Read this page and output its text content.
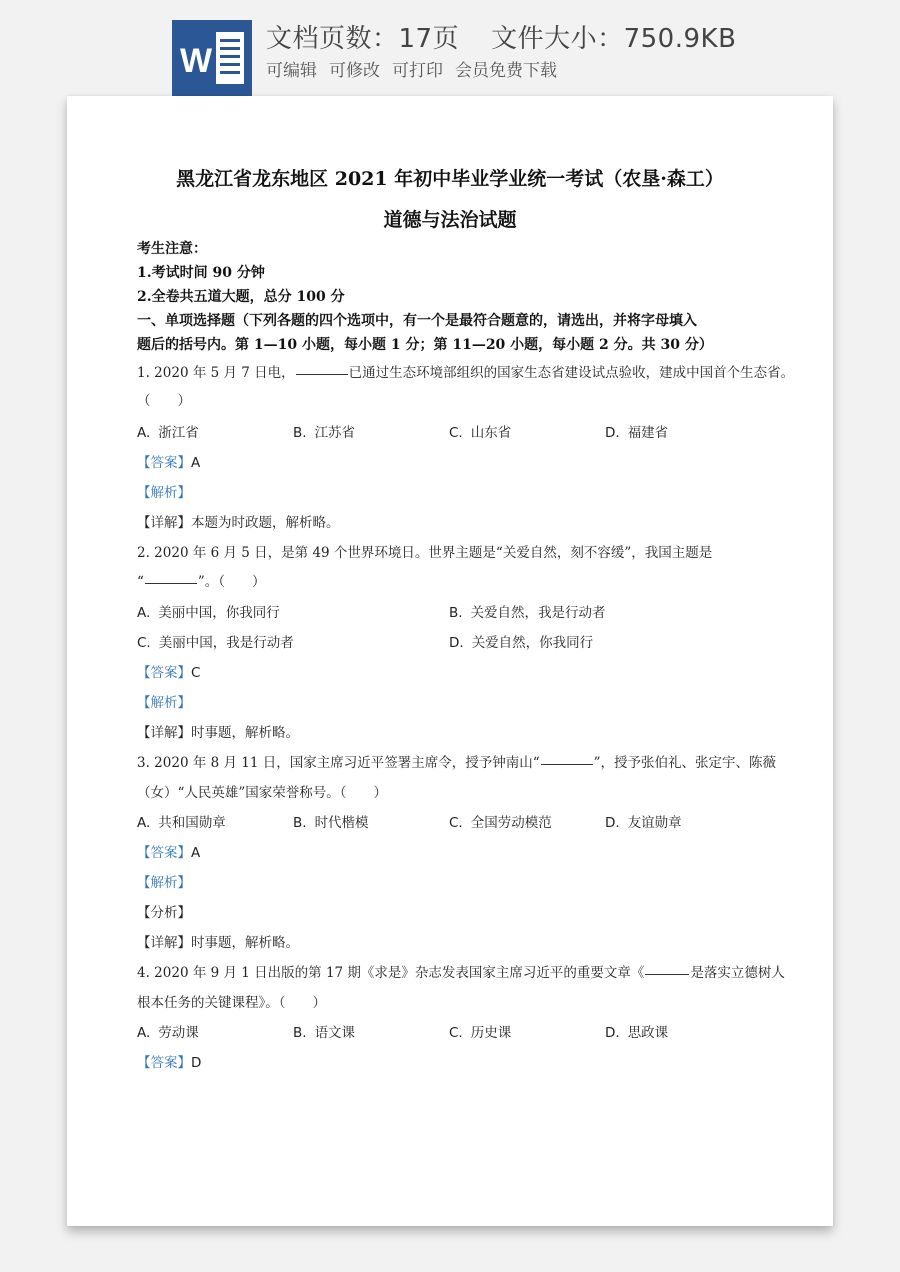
W
文档页数：17页 文件大小：750.9KB
可编辑 可修改 可打印 会员免费下载
黑龙江省龙东地区 2021 年初中毕业学业统一考试（农垦·森工）
道德与法治试题
考生注意：
1.考试时间 90 分钟
2.全卷共五道大题，总分 100 分
一、单项选择题（下列各题的四个选项中，有一个是最符合题意的，请选出，并将字母填入
题后的括号内。第 1—10 小题，每小题 1 分；第 11—20 小题，每小题 2 分。共 30 分）
1. 2020 年 5 月 7 日电，	已通过生态环境部组织的国家生态省建设试点验收，建成中国首个生态省。
（　　）
A. 浙江省	B. 江苏省	C. 山东省	D. 福建省
【答案】A
【解析】
【详解】本题为时政题，解析略。
2. 2020 年 6 月 5 日，是第 49 个世界环境日。世界主题是“关爱自然，刻不容缓”，我国主题是
“	”。（　　）
A. 美丽中国，你我同行	B. 关爱自然，我是行动者
C. 美丽中国，我是行动者	D. 关爱自然，你我同行
【答案】C
【解析】
【详解】时事题，解析略。
3. 2020 年 8 月 11 日，国家主席习近平签署主席令，授予钟南山“	”，授予张伯礼、张定宇、陈薇
（女）“人民英雄”国家荣誉称号。（　　）
A. 共和国勋章	B. 时代楷模	C. 全国劳动模范	D. 友谊勋章
【答案】A
【解析】
【分析】
【详解】时事题，解析略。
4. 2020 年 9 月 1 日出版的第 17 期《求是》杂志发表国家主席习近平的重要文章《	是落实立德树人
根本任务的关键课程》。（　　）
A. 劳动课	B. 语文课	C. 历史课	D. 思政课
【答案】D
